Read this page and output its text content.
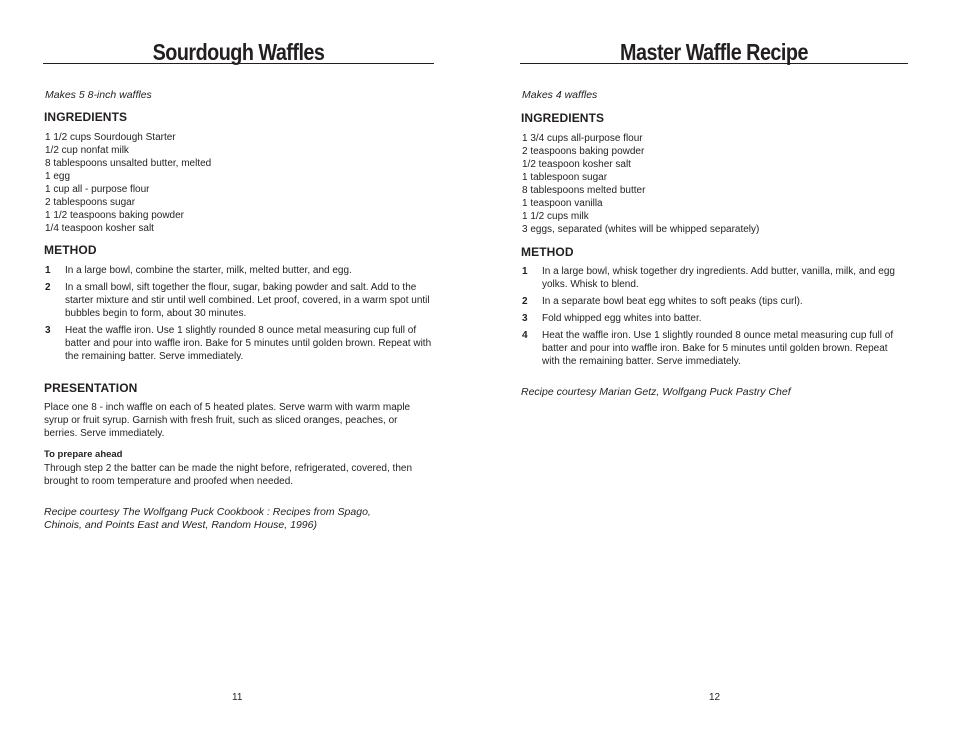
Sourdough Waffles

Makes 5 8-inch waffles

INGREDIENTS
1 1/2 cups Sourdough Starter
1/2 cup nonfat milk
8 tablespoons unsalted butter, melted
1 egg
1 cup all - purpose flour
2 tablespoons sugar
1 1/2 teaspoons baking powder
1/4 teaspoon kosher salt
METHOD
1 In a large bowl, combine the starter, milk, melted butter, and egg.
2 In a small bowl, sift together the flour, sugar, baking powder and salt. Add to the starter mixture and stir until well combined. Let proof, covered, in a warm spot until bubbles begin to form, about 30 minutes.
3 Heat the waffle iron. Use 1 slightly rounded 8 ounce metal measuring cup full of batter and pour into waffle iron. Bake for 5 minutes until golden brown. Repeat with the remaining batter. Serve immediately.
PRESENTATION

Place one 8 - inch waffle on each of 5 heated plates. Serve warm with warm maple syrup or fruit syrup. Garnish with fresh fruit, such as sliced oranges, peaches, or berries. Serve immediately.

To prepare ahead

Through step 2 the batter can be made the night before, refrigerated, covered, then brought to room temperature and proofed when needed.

Recipe courtesy The Wolfgang Puck Cookbook : Recipes from Spago,

Chinois, and Points East and West, Random House, 1996)

11

Master Waffle Recipe

Makes 4 waffles

INGREDIENTS
1 3/4 cups all-purpose flour
2 teaspoons baking powder
1/2 teaspoon kosher salt
1 tablespoon sugar
8 tablespoons melted butter
1 teaspoon vanilla
1 1/2 cups milk
3 eggs, separated (whites will be whipped separately)
METHOD
1 In a large bowl, whisk together dry ingredients. Add butter, vanilla, milk, and egg yolks. Whisk to blend.
2 In a separate bowl beat egg whites to soft peaks (tips curl).
3 Fold whipped egg whites into batter.
4 Heat the waffle iron. Use 1 slightly rounded 8 ounce metal measuring cup full of batter and pour into waffle iron. Bake for 5 minutes until golden brown. Repeat with the remaining batter. Serve immediately.

Recipe courtesy Marian Getz, Wolfgang Puck Pastry Chef

12
